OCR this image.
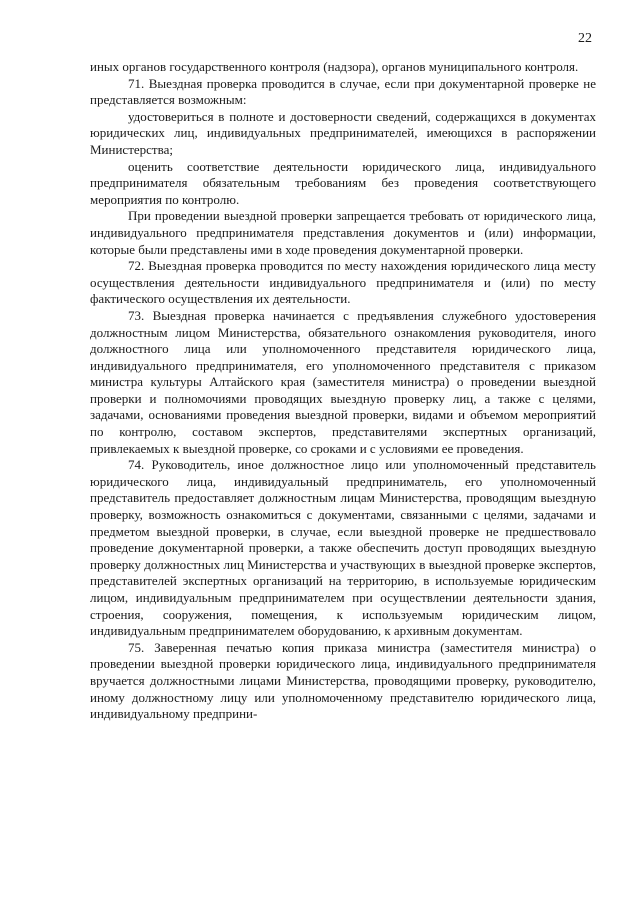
22

иных органов государственного контроля (надзора), органов муниципального контроля.

71. Выездная проверка проводится в случае, если при документарной проверке не представляется возможным:

удостовериться в полноте и достоверности сведений, содержащихся в документах юридических лиц, индивидуальных предпринимателей, имеющихся в распоряжении Министерства;

оценить соответствие деятельности юридического лица, индивидуального предпринимателя обязательным требованиям без проведения соответствующего мероприятия по контролю.

При проведении выездной проверки запрещается требовать от юридического лица, индивидуального предпринимателя представления документов и (или) информации, которые были представлены ими в ходе проведения документарной проверки.

72. Выездная проверка проводится по месту нахождения юридического лица месту осуществления деятельности индивидуального предпринимателя и (или) по месту фактического осуществления их деятельности.

73. Выездная проверка начинается с предъявления служебного удостоверения должностным лицом Министерства, обязательного ознакомления руководителя, иного должностного лица или уполномоченного представителя юридического лица, индивидуального предпринимателя, его уполномоченного представителя с приказом министра культуры Алтайского края (заместителя министра) о проведении выездной проверки и полномочиями проводящих выездную проверку лиц, а также с целями, задачами, основаниями проведения выездной проверки, видами и объемом мероприятий по контролю, составом экспертов, представителями экспертных организаций, привлекаемых к выездной проверке, со сроками и с условиями ее проведения.

74. Руководитель, иное должностное лицо или уполномоченный представитель юридического лица, индивидуальный предприниматель, его уполномоченный представитель предоставляет должностным лицам Министерства, проводящим выездную проверку, возможность ознакомиться с документами, связанными с целями, задачами и предметом выездной проверки, в случае, если выездной проверке не предшествовало проведение документарной проверки, а также обеспечить доступ проводящих выездную проверку должностных лиц Министерства и участвующих в выездной проверке экспертов, представителей экспертных организаций на территорию, в используемые юридическим лицом, индивидуальным предпринимателем при осуществлении деятельности здания, строения, сооружения, помещения, к используемым юридическим лицом, индивидуальным предпринимателем оборудованию, к архивным документам.

75. Заверенная печатью копия приказа министра (заместителя министра) о проведении выездной проверки юридического лица, индивидуального предпринимателя вручается должностными лицами Министерства, проводящими проверку, руководителю, иному должностному лицу или уполномоченному представителю юридического лица, индивидуальному предприни-
